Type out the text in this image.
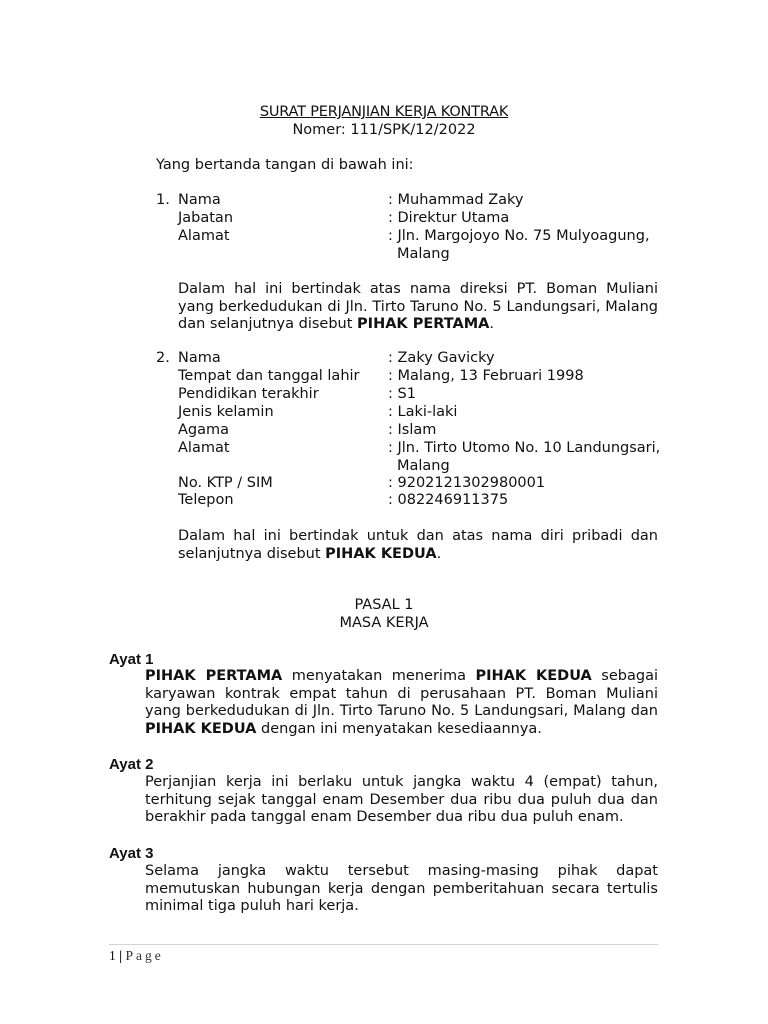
SURAT PERJANJIAN KERJA KONTRAK
Nomer: 111/SPK/12/2022
Yang bertanda tangan di bawah ini:
1. Nama	: Muhammad Zaky
Jabatan	: Direktur Utama
Alamat	: Jln. Margojoyo No. 75 Mulyoagung,
Malang
Dalam hal ini bertindak atas nama direksi PT. Boman Muliani yang berkedudukan di Jln. Tirto Taruno No. 5 Landungsari, Malang dan selanjutnya disebut PIHAK PERTAMA.
2. Nama	: Zaky Gavicky
Tempat dan tanggal lahir : Malang, 13 Februari 1998
Pendidikan terakhir	: S1
Jenis kelamin	: Laki-laki
Agama	: Islam
Alamat	: Jln. Tirto Utomo No. 10 Landungsari,
Malang
No. KTP / SIM	: 9202121302980001
Telepon	: 082246911375
Dalam hal ini bertindak untuk dan atas nama diri pribadi dan selanjutnya disebut PIHAK KEDUA.
PASAL 1
MASA KERJA
Ayat 1
PIHAK PERTAMA menyatakan menerima PIHAK KEDUA sebagai karyawan kontrak empat tahun di perusahaan PT. Boman Muliani yang berkedudukan di Jln. Tirto Taruno No. 5 Landungsari, Malang dan PIHAK KEDUA dengan ini menyatakan kesediaannya.
Ayat 2
Perjanjian kerja ini berlaku untuk jangka waktu 4 (empat) tahun, terhitung sejak tanggal enam Desember dua ribu dua puluh dua dan berakhir pada tanggal enam Desember dua ribu dua puluh enam.
Ayat 3
Selama jangka waktu tersebut masing-masing pihak dapat memutuskan hubungan kerja dengan pemberitahuan secara tertulis minimal tiga puluh hari kerja.
1 | Page
